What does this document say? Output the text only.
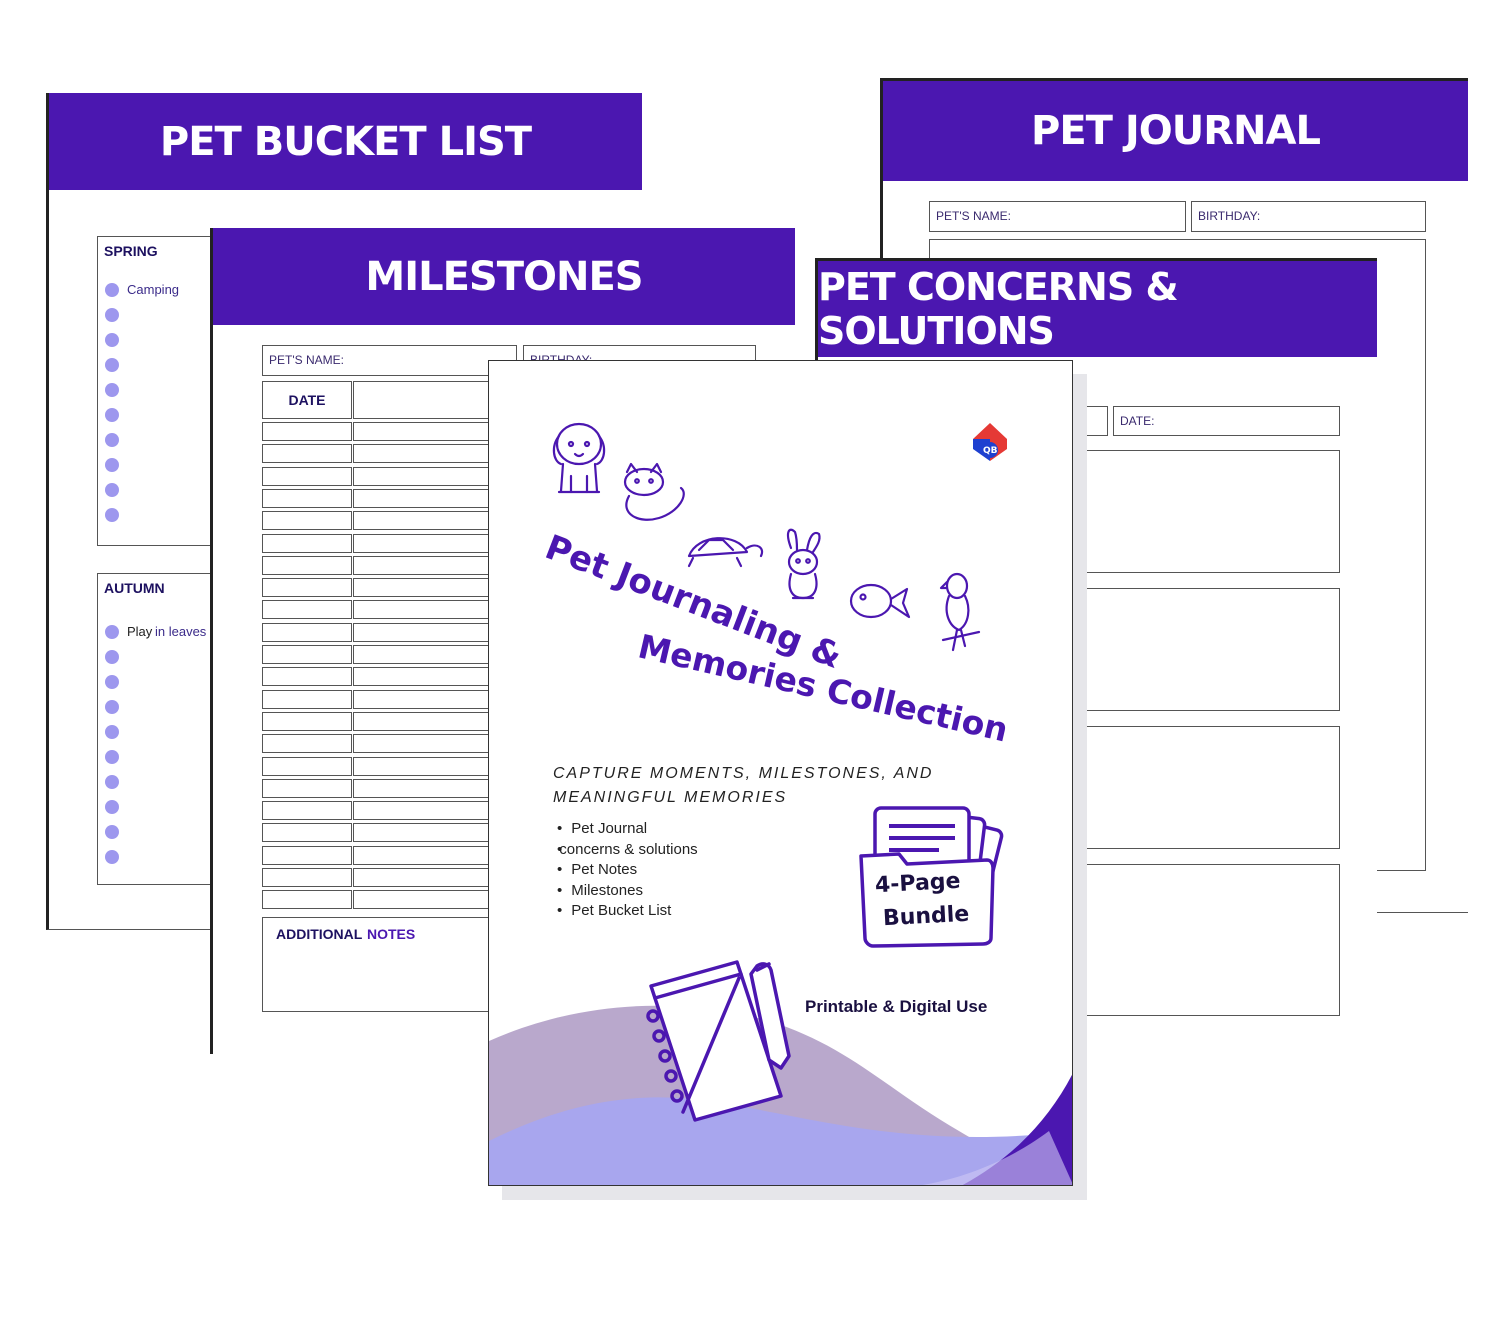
PET BUCKET LIST
SPRING
Camping
AUTUMN
Play in leaves
PET JOURNAL
PET'S NAME:	BIRTHDAY:
PET CONCERNS & SOLUTIONS
DATE:
MILESTONES
PET'S NAME:
DATE
ADDITIONAL NOTES
QB
Pet Journaling &
Memories Collection
CAPTURE MOMENTS, MILESTONES, AND
MEANINGFUL MEMORIES
• Pet Journal
• concerns & solutions
• Pet Notes
• Milestones
• Pet Bucket List
4-Page
Bundle
Printable & Digital Use
